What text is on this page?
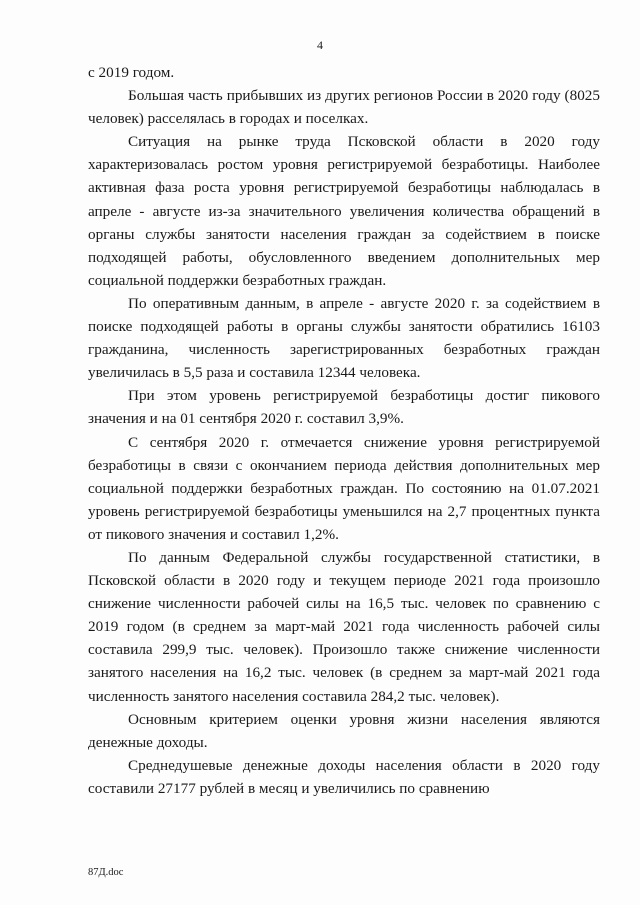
4

с 2019 годом.

Большая часть прибывших из других регионов России в 2020 году (8025 человек) расселялась в городах и поселках.

Ситуация на рынке труда Псковской области в 2020 году характеризовалась ростом уровня регистрируемой безработицы. Наиболее активная фаза роста уровня регистрируемой безработицы наблюдалась в апреле - августе из-за значительного увеличения количества обращений в органы службы занятости населения граждан за содействием в поиске подходящей работы, обусловленного введением дополнительных мер социальной поддержки безработных граждан.

По оперативным данным, в апреле - августе 2020 г. за содействием в поиске подходящей работы в органы службы занятости обратились 16103 гражданина, численность зарегистрированных безработных граждан увеличилась в 5,5 раза и составила 12344 человека.

При этом уровень регистрируемой безработицы достиг пикового значения и на 01 сентября 2020 г. составил 3,9%.

С сентября 2020 г. отмечается снижение уровня регистрируемой безработицы в связи с окончанием периода действия дополнительных мер социальной поддержки безработных граждан. По состоянию на 01.07.2021 уровень регистрируемой безработицы уменьшился на 2,7 процентных пункта от пикового значения и составил 1,2%.

По данным Федеральной службы государственной статистики, в Псковской области в 2020 году и текущем периоде 2021 года произошло снижение численности рабочей силы на 16,5 тыс. человек по сравнению с 2019 годом (в среднем за март-май 2021 года численность рабочей силы составила 299,9 тыс. человек). Произошло также снижение численности занятого населения на 16,2 тыс. человек (в среднем за март-май 2021 года численность занятого населения составила 284,2 тыс. человек).

Основным критерием оценки уровня жизни населения являются денежные доходы.

Среднедушевые денежные доходы населения области в 2020 году составили 27177 рублей в месяц и увеличились по сравнению

87Д.doc
